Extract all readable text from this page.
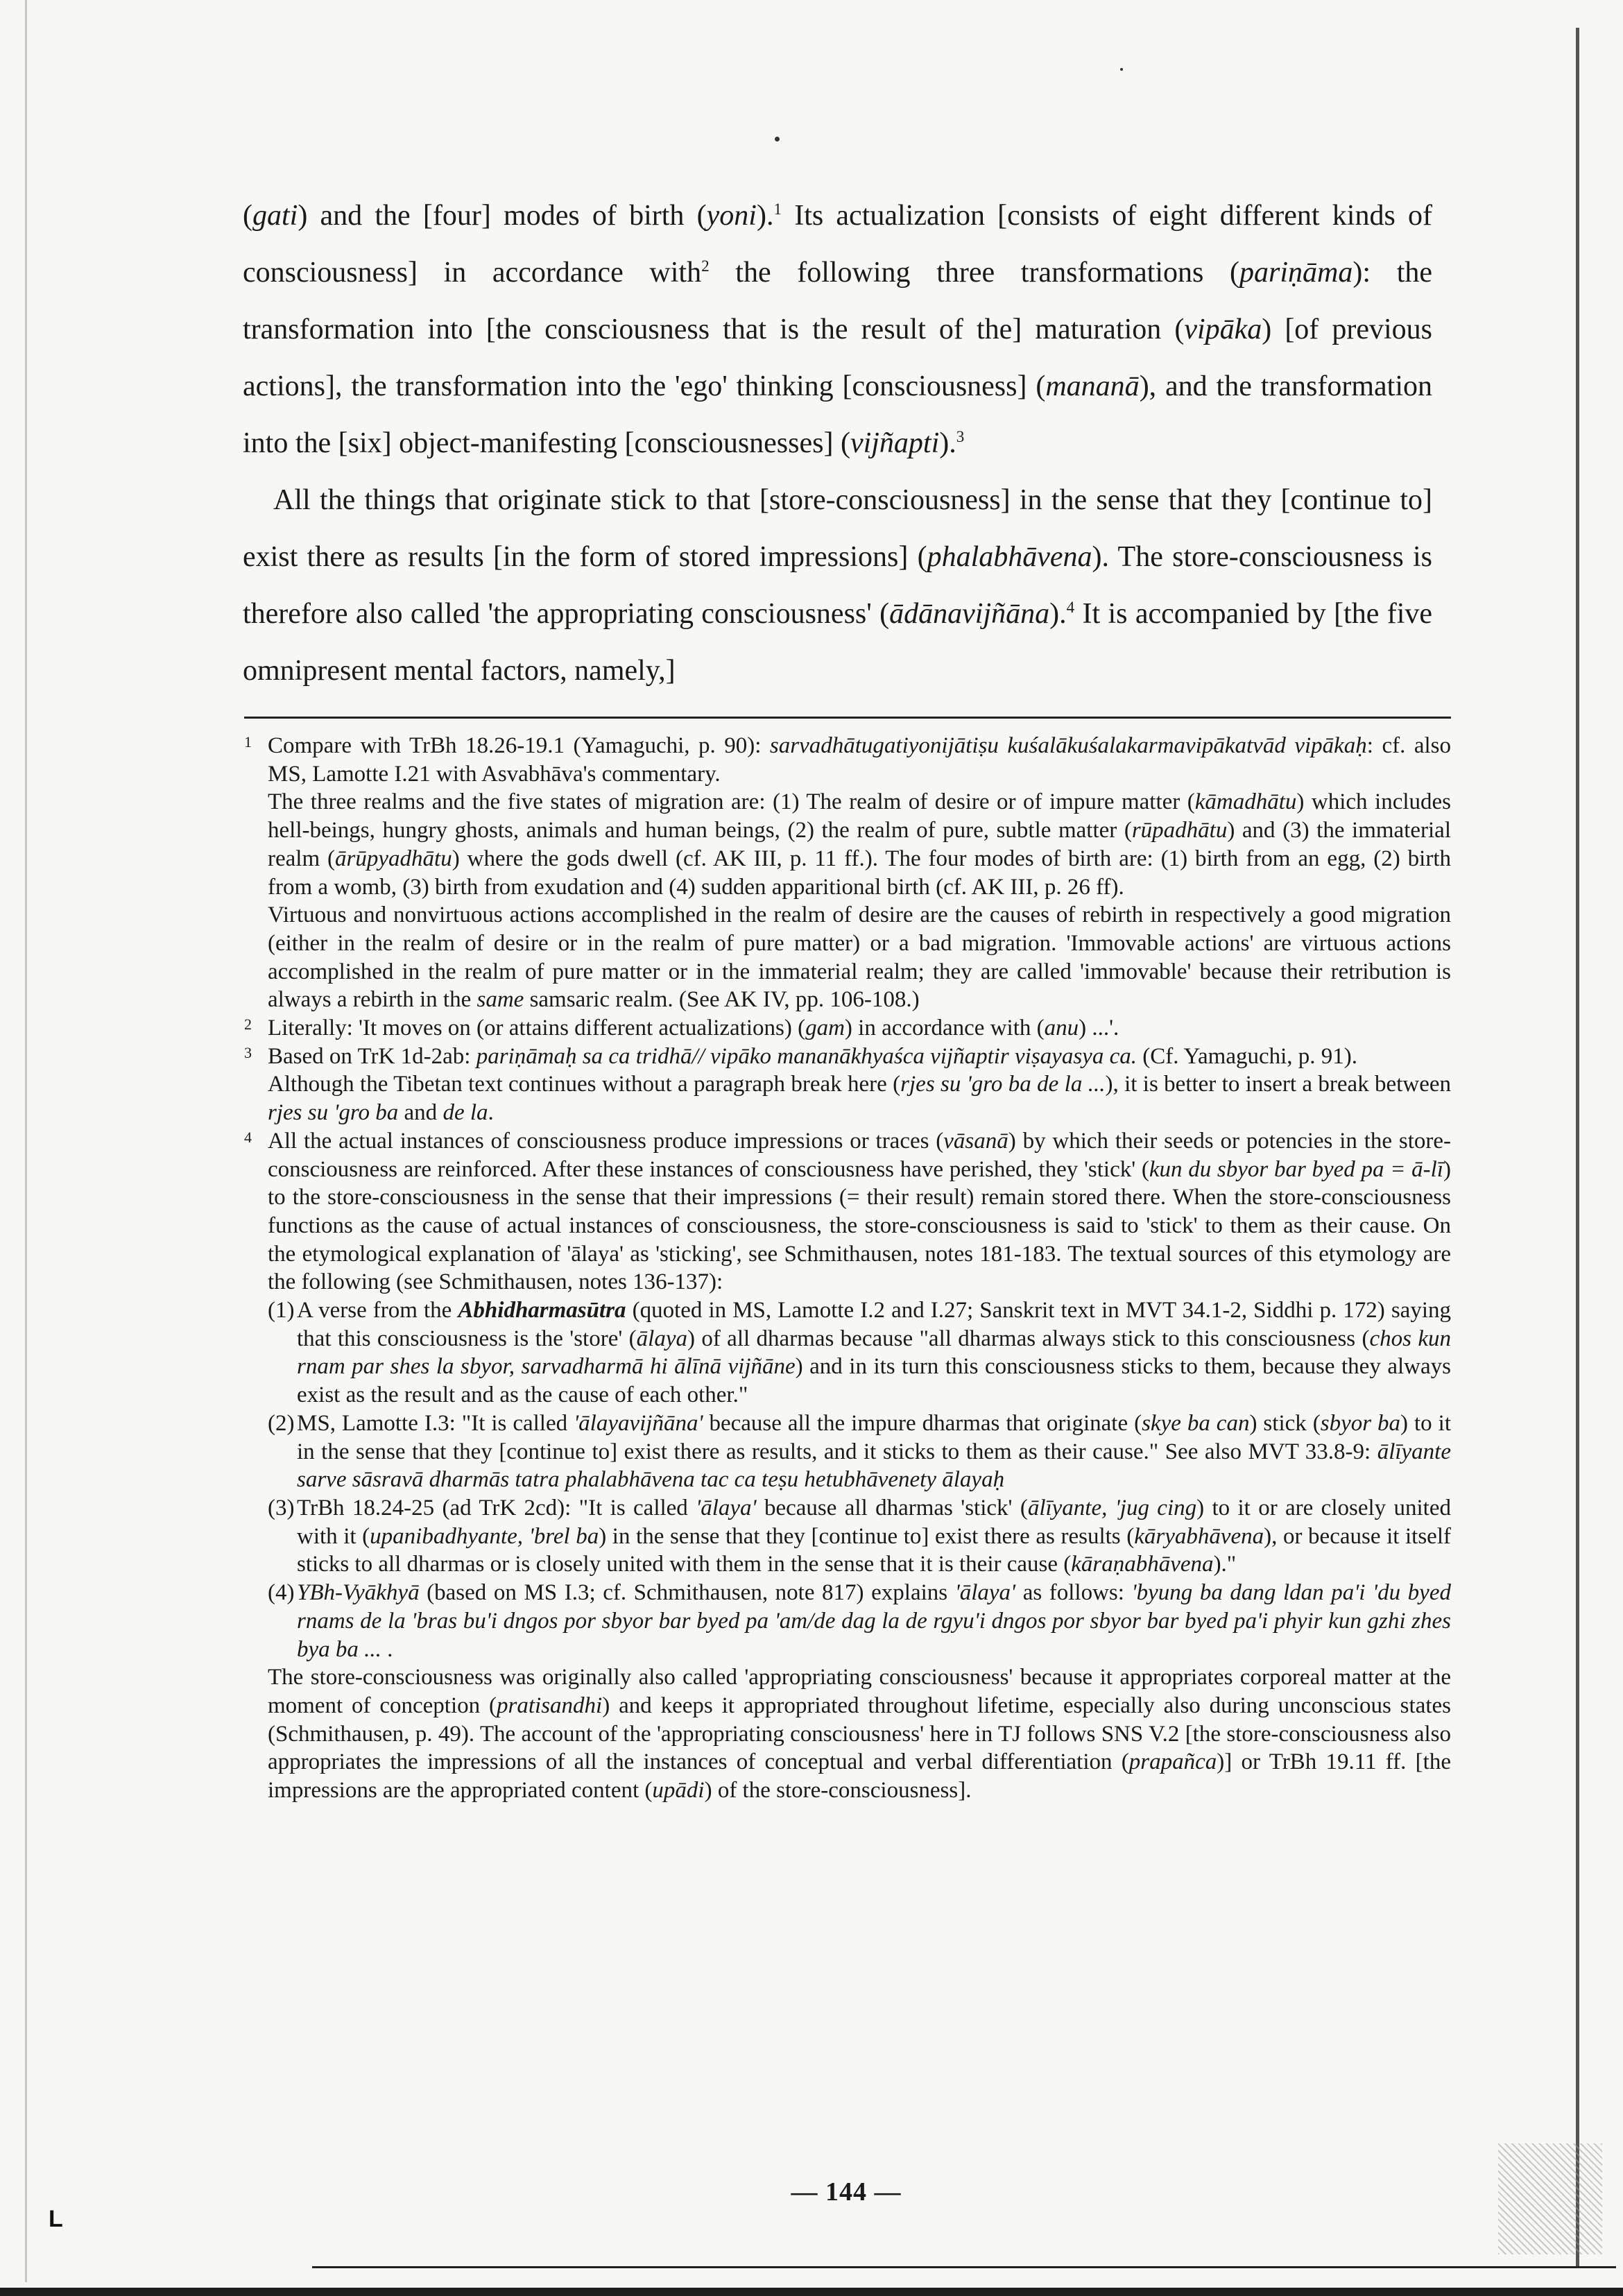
(gati) and the [four] modes of birth (yoni).$^1$ Its actualization [consists of eight different kinds of consciousness] in accordance with$^2$ the following three transformations (pariṇāma): the transformation into [the consciousness that is the result of the] maturation (vipāka) [of previous actions], the transformation into the 'ego' thinking [consciousness] (mananā), and the transformation into the [six] object-manifesting [consciousnesses] (vijñapti).$^3$

All the things that originate stick to that [store-consciousness] in the sense that they [continue to] exist there as results [in the form of stored impressions] (phalabhāvena). The store-consciousness is therefore also called 'the appropriating consciousness' (ādānavijñāna).$^4$ It is accompanied by [the five omnipresent mental factors, namely,]

1 Compare with TrBh 18.26-19.1 (Yamaguchi, p. 90): sarvadhātugatiyonijātiṣu kuśalākuśalakarmavipākatvād vipākaḥ: cf. also MS, Lamotte I.21 with Asvabhāva's commentary.

The three realms and the five states of migration are: (1) The realm of desire or of impure matter (kāmadhātu) which includes hell-beings, hungry ghosts, animals and human beings, (2) the realm of pure, subtle matter (rūpadhātu) and (3) the immaterial realm (ārūpyadhātu) where the gods dwell (cf. AK III, p. 11 ff.). The four modes of birth are: (1) birth from an egg, (2) birth from a womb, (3) birth from exudation and (4) sudden apparitional birth (cf. AK III, p. 26 ff).

Virtuous and nonvirtuous actions accomplished in the realm of desire are the causes of rebirth in respectively a good migration (either in the realm of desire or in the realm of pure matter) or a bad migration. 'Immovable actions' are virtuous actions accomplished in the realm of pure matter or in the immaterial realm; they are called 'immovable' because their retribution is always a rebirth in the same samsaric realm. (See AK IV, pp. 106-108.)

2 Literally: 'It moves on (or attains different actualizations) (gam) in accordance with (anu) ...'.

3 Based on TrK 1d-2ab: pariṇāmaḥ sa ca tridhā// vipāko mananākhyaśca vijñaptir viṣayasya ca. (Cf. Yamaguchi, p. 91).

Although the Tibetan text continues without a paragraph break here (rjes su 'gro ba de la ...), it is better to insert a break between rjes su 'gro ba and de la.

4 All the actual instances of consciousness produce impressions or traces (vāsanā) by which their seeds or potencies in the store-consciousness are reinforced. After these instances of consciousness have perished, they 'stick' (kun du sbyor bar byed pa = ā-lī) to the store-consciousness in the sense that their impressions (= their result) remain stored there. When the store-consciousness functions as the cause of actual instances of consciousness, the store-consciousness is said to 'stick' to them as their cause. On the etymological explanation of 'ālaya' as 'sticking', see Schmithausen, notes 181-183. The textual sources of this etymology are the following (see Schmithausen, notes 136-137):

(1) A verse from the Abhidharmasūtra (quoted in MS, Lamotte I.2 and I.27; Sanskrit text in MVT 34.1-2, Siddhi p. 172) saying that this consciousness is the 'store' (ālaya) of all dharmas because "all dharmas always stick to this consciousness (chos kun rnam par shes la sbyor, sarvadharmā hi ālīnā vijñāne) and in its turn this consciousness sticks to them, because they always exist as the result and as the cause of each other."
(2) MS, Lamotte I.3: "It is called 'ālayavijñāna' because all the impure dharmas that originate (skye ba can) stick (sbyor ba) to it in the sense that they [continue to] exist there as results, and it sticks to them as their cause." See also MVT 33.8-9: ālīyante sarve sāsravā dharmās tatra phalabhāvena tac ca teṣu hetubhāvenety ālayaḥ
(3) TrBh 18.24-25 (ad TrK 2cd): "It is called 'ālaya' because all dharmas 'stick' (ālīyante, 'jug cing) to it or are closely united with it (upanibadhyante, 'brel ba) in the sense that they [continue to] exist there as results (kāryabhāvena), or because it itself sticks to all dharmas or is closely united with them in the sense that it is their cause (kāraṇabhāvena)."
(4) YBh-Vyākhyā (based on MS I.3; cf. Schmithausen, note 817) explains 'ālaya' as follows: 'byung ba dang ldan pa'i 'du byed rnams de la 'bras bu'i dngos por sbyor bar byed pa 'am/de dag la de rgyu'i dngos por sbyor bar byed pa'i phyir kun gzhi zhes bya ba ... .

The store-consciousness was originally also called 'appropriating consciousness' because it appropriates corporeal matter at the moment of conception (pratisandhi) and keeps it appropriated throughout lifetime, especially also during unconscious states (Schmithausen, p. 49). The account of the 'appropriating consciousness' here in TJ follows SNS V.2 [the store-consciousness also appropriates the impressions of all the instances of conceptual and verbal differentiation (prapañca)] or TrBh 19.11 ff. [the impressions are the appropriated content (upādi) of the store-consciousness].

— 144 —
L
